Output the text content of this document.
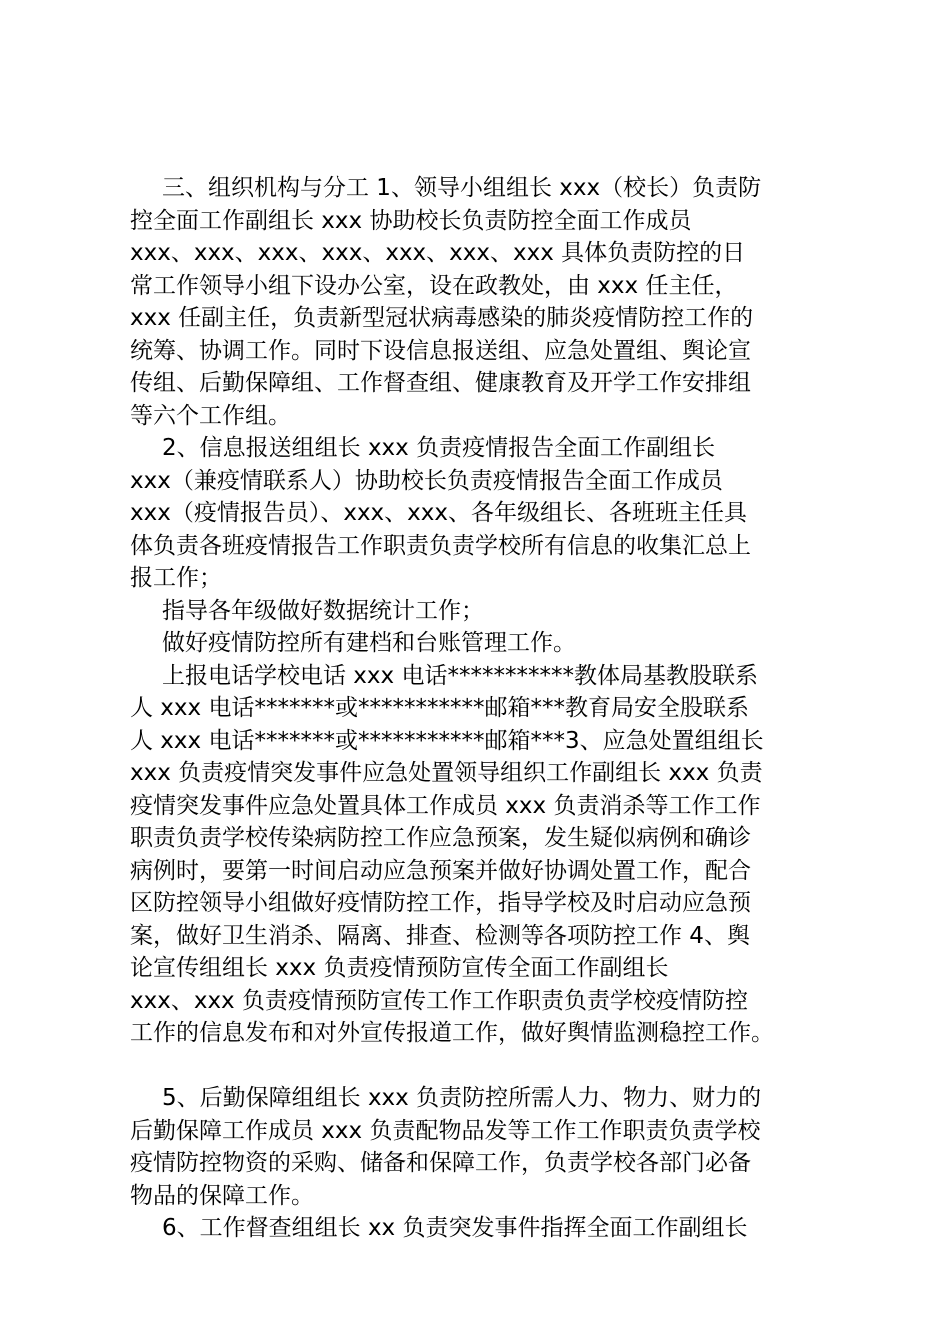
三、组织机构与分工 1、领导小组组长 xxx（校长）负责防
控全面工作副组长 xxx 协助校长负责防控全面工作成员
xxx、xxx、xxx、xxx、xxx、xxx、xxx 具体负责防控的日
常工作领导小组下设办公室，设在政教处，由 xxx 任主任，
xxx 任副主任，负责新型冠状病毒感染的肺炎疫情防控工作的
统筹、协调工作。同时下设信息报送组、应急处置组、舆论宣
传组、后勤保障组、工作督查组、健康教育及开学工作安排组
等六个工作组。
2、信息报送组组长 xxx 负责疫情报告全面工作副组长
xxx（兼疫情联系人）协助校长负责疫情报告全面工作成员
xxx（疫情报告员）、xxx、xxx、各年级组长、各班班主任具
体负责各班疫情报告工作职责负责学校所有信息的收集汇总上
报工作；
指导各年级做好数据统计工作；
做好疫情防控所有建档和台账管理工作。
上报电话学校电话 xxx 电话***********教体局基教股联系
人 xxx 电话*******或***********邮箱***教育局安全股联系
人 xxx 电话*******或***********邮箱***3、应急处置组组长
xxx 负责疫情突发事件应急处置领导组织工作副组长 xxx 负责
疫情突发事件应急处置具体工作成员 xxx 负责消杀等工作工作
职责负责学校传染病防控工作应急预案，发生疑似病例和确诊
病例时，要第一时间启动应急预案并做好协调处置工作，配合
区防控领导小组做好疫情防控工作，指导学校及时启动应急预
案，做好卫生消杀、隔离、排查、检测等各项防控工作 4、舆
论宣传组组长 xxx 负责疫情预防宣传全面工作副组长
xxx、xxx 负责疫情预防宣传工作工作职责负责学校疫情防控
工作的信息发布和对外宣传报道工作，做好舆情监测稳控工作。
5、后勤保障组组长 xxx 负责防控所需人力、物力、财力的
后勤保障工作成员 xxx 负责配物品发等工作工作职责负责学校
疫情防控物资的采购、储备和保障工作，负责学校各部门必备
物品的保障工作。
6、工作督查组组长 xx 负责突发事件指挥全面工作副组长
